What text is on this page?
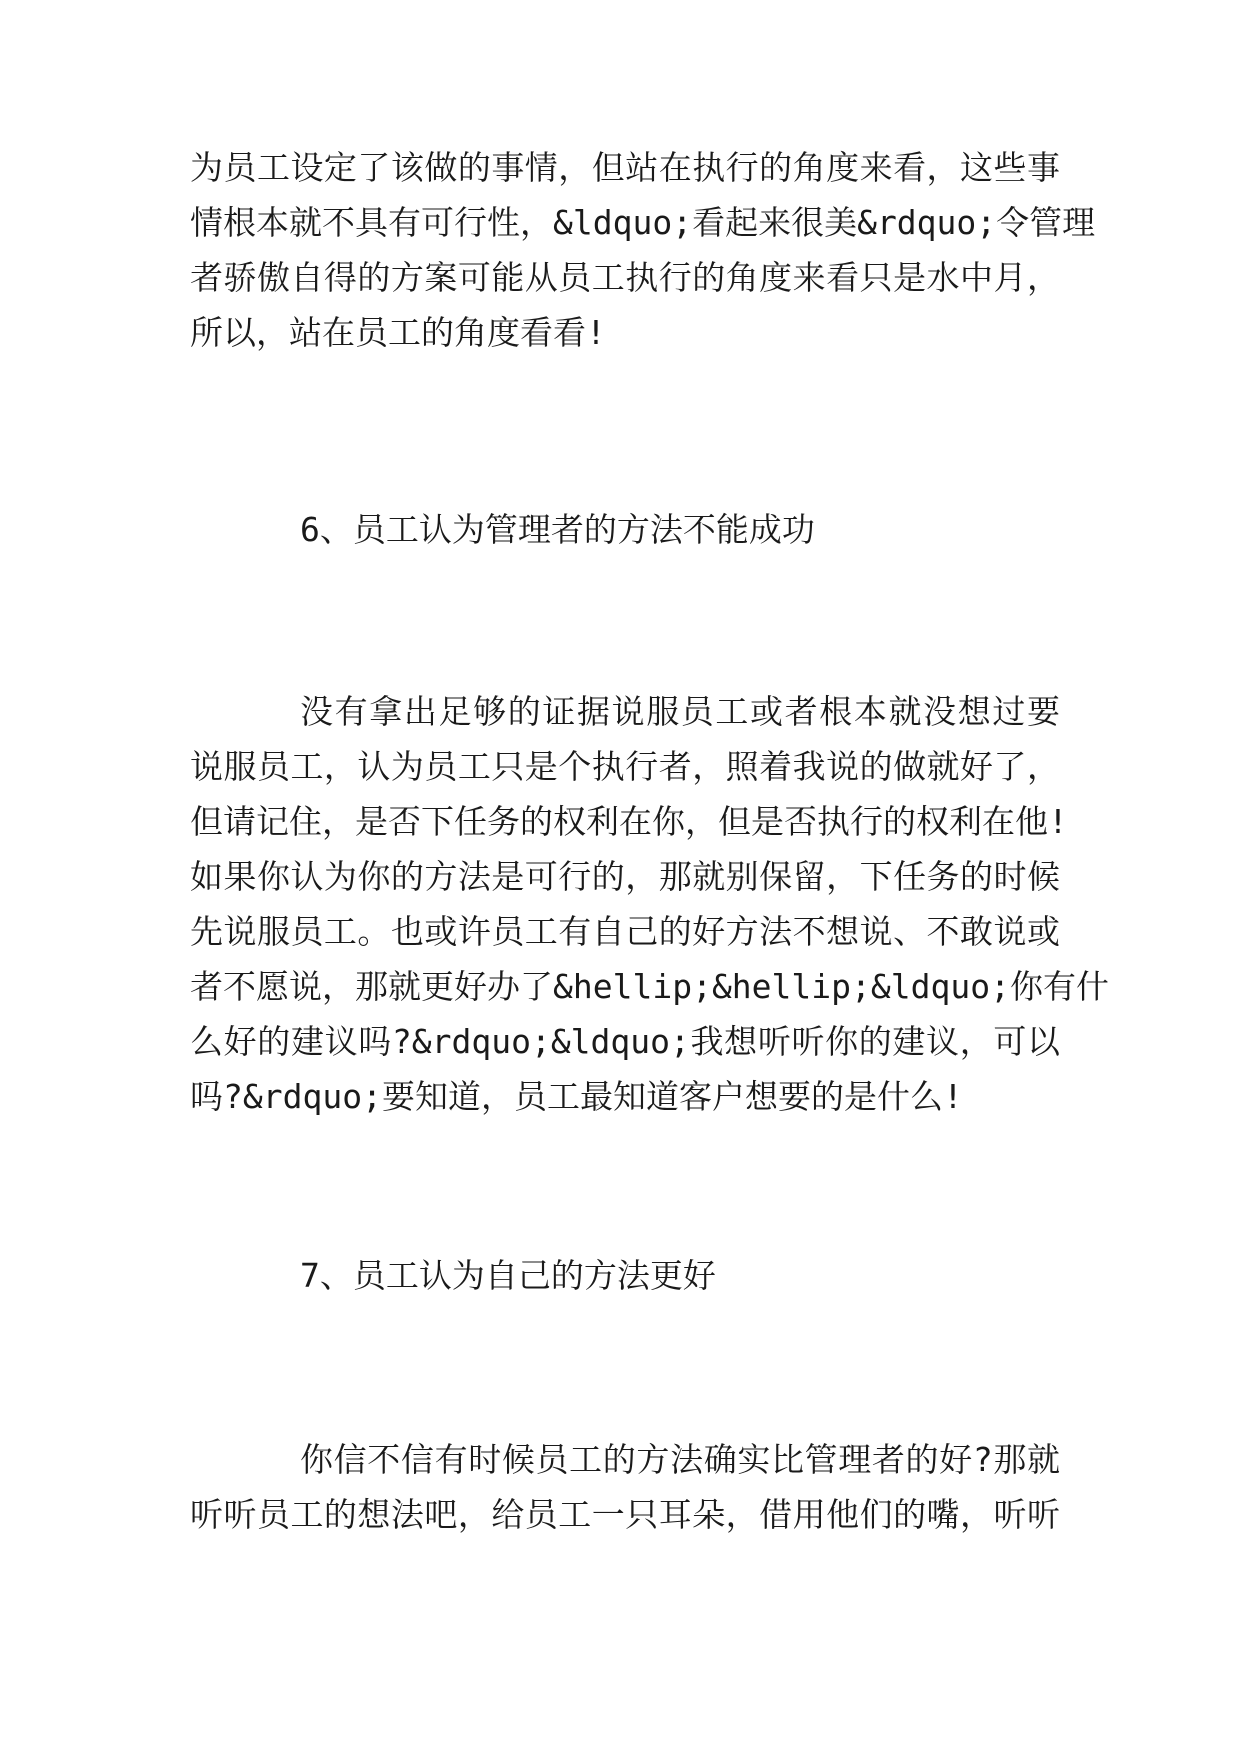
为员工设定了该做的事情，但站在执行的角度来看，这些事
情根本就不具有可行性，&ldquo;看起来很美&rdquo;令管理
者骄傲自得的方案可能从员工执行的角度来看只是水中月，
所以，站在员工的角度看看!
6、员工认为管理者的方法不能成功
没有拿出足够的证据说服员工或者根本就没想过要
说服员工，认为员工只是个执行者，照着我说的做就好了，
但请记住，是否下任务的权利在你，但是否执行的权利在他!
如果你认为你的方法是可行的，那就别保留，下任务的时候
先说服员工。也或许员工有自己的好方法不想说、不敢说或
者不愿说，那就更好办了&hellip;&hellip;&ldquo;你有什
么好的建议吗?&rdquo;&ldquo;我想听听你的建议，可以
吗?&rdquo;要知道，员工最知道客户想要的是什么!
7、员工认为自己的方法更好
你信不信有时候员工的方法确实比管理者的好?那就
听听员工的想法吧，给员工一只耳朵，借用他们的嘴，听听
